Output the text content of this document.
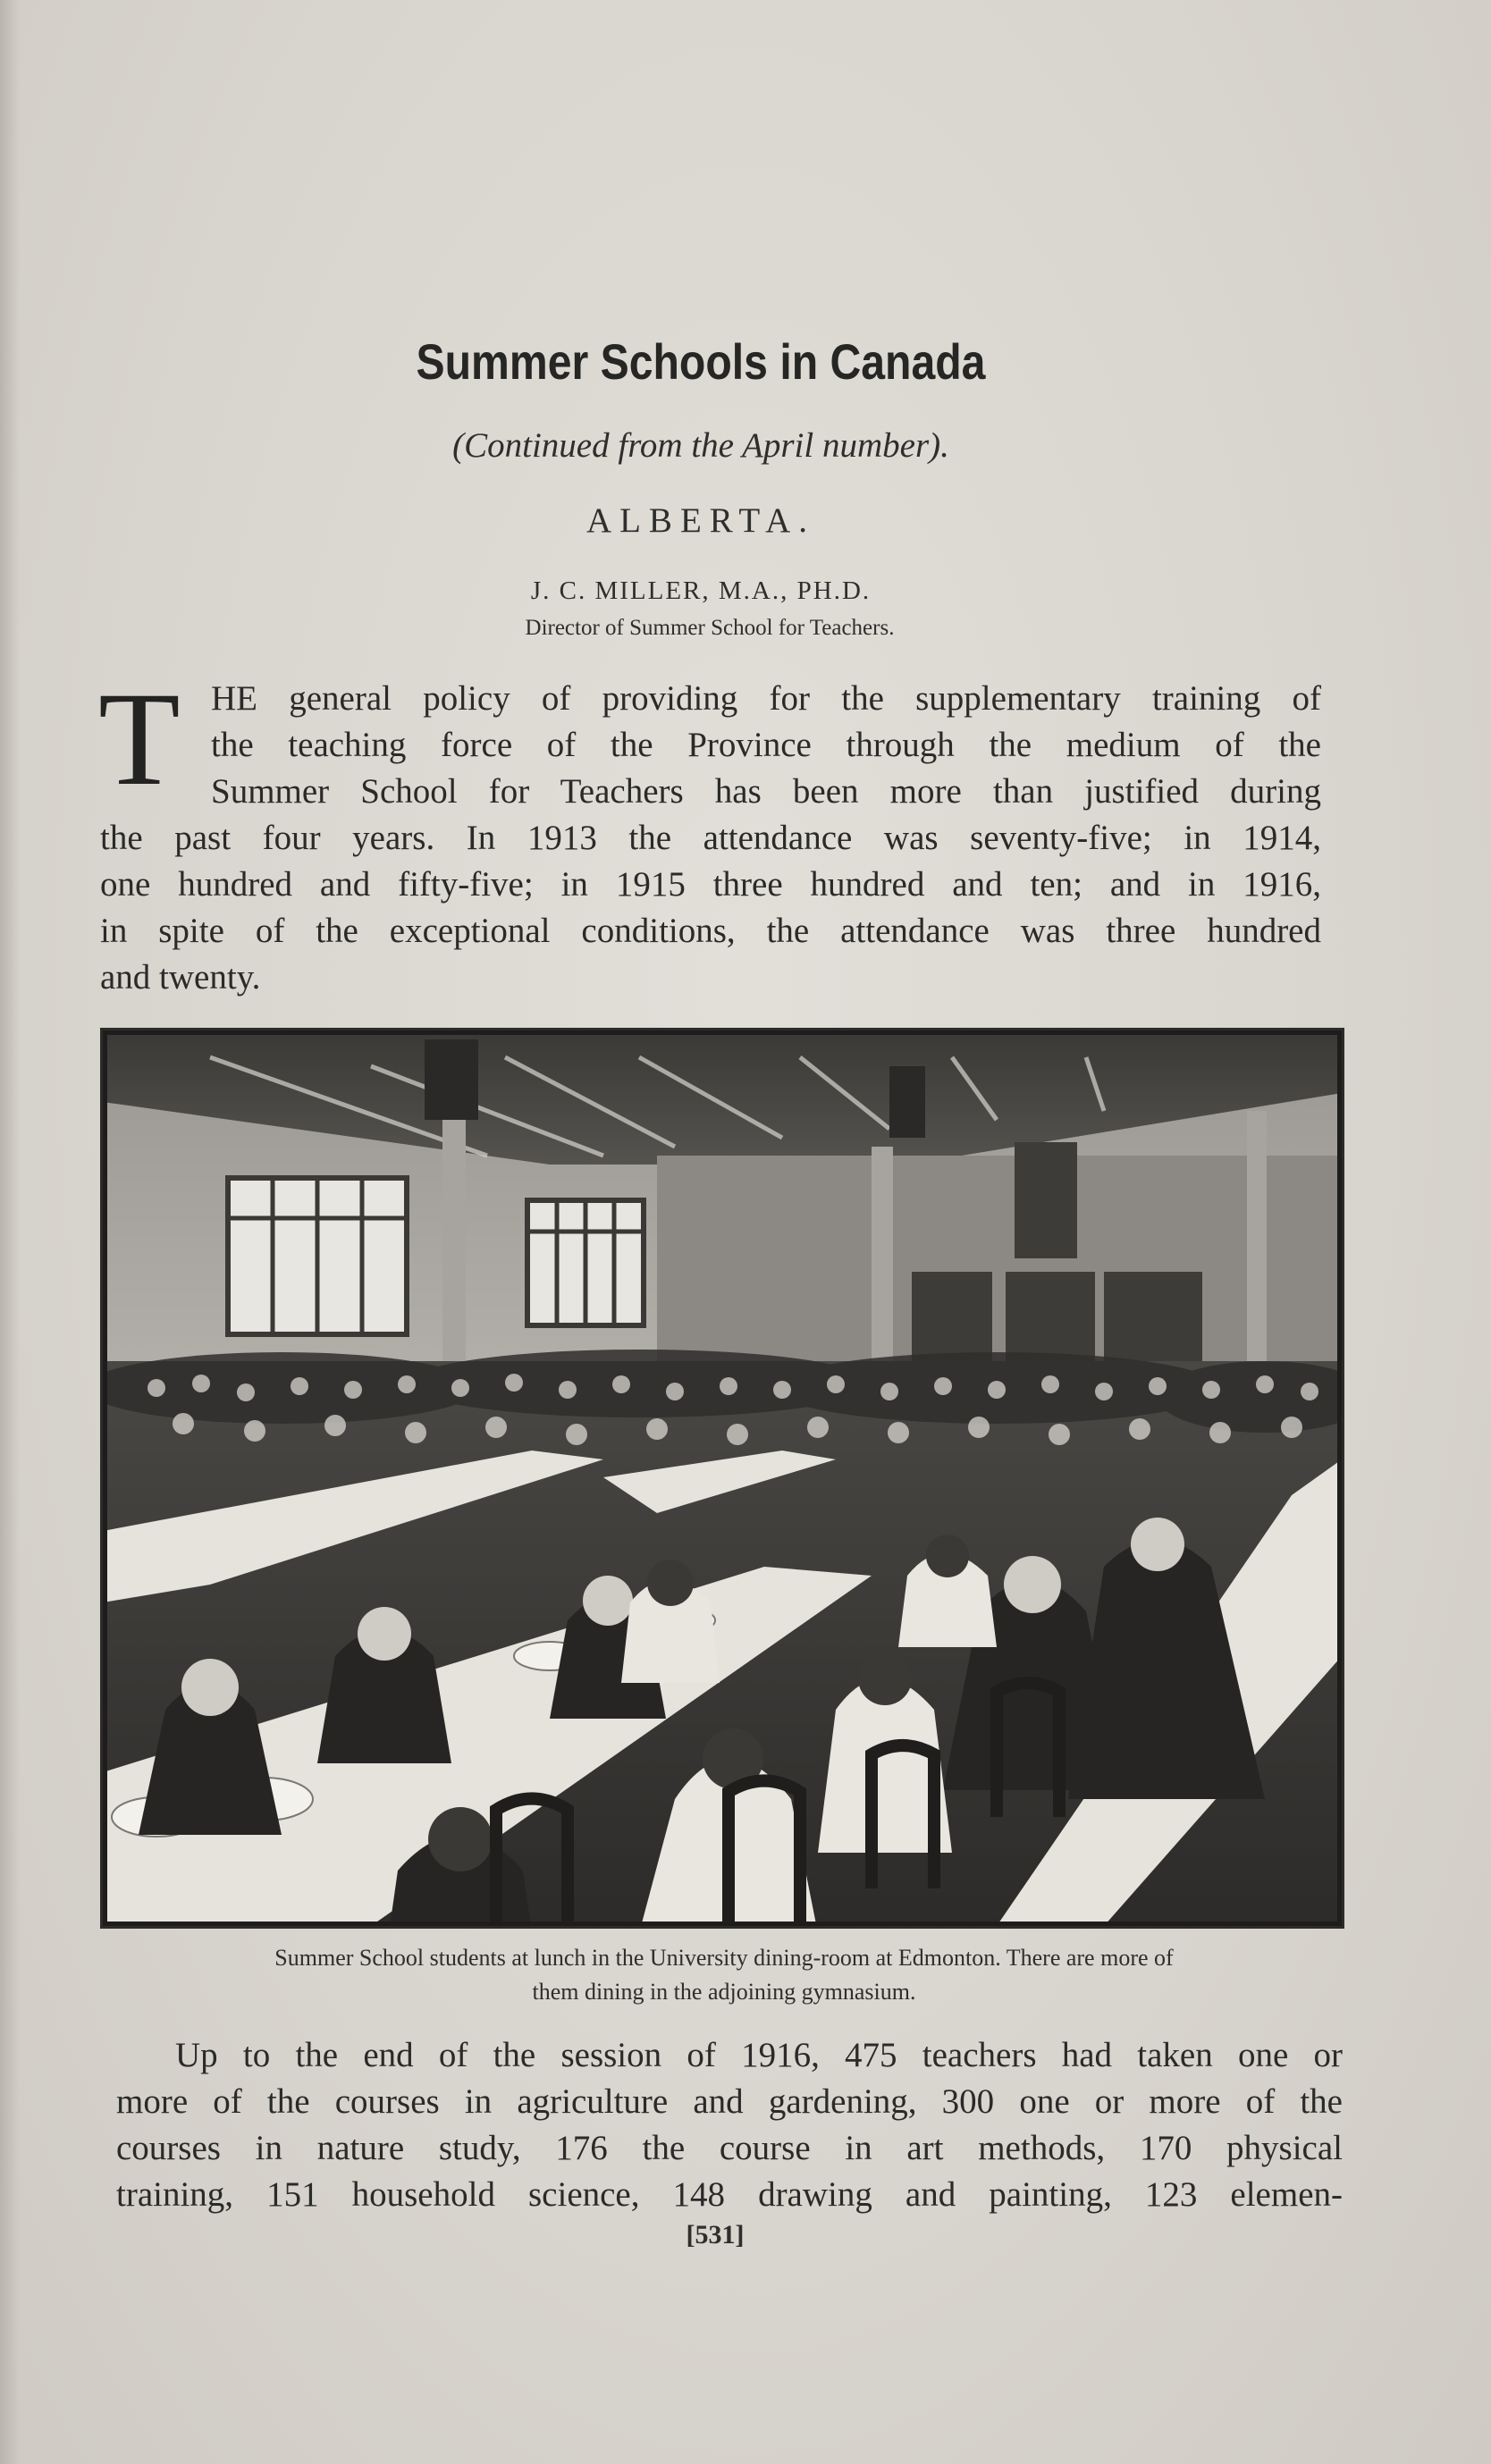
Summer Schools in Canada
(Continued from the April number).
ALBERTA.
J. C. MILLER, M.A., PH.D.
Director of Summer School for Teachers.
T HE general policy of providing for the supplementary training of
the teaching force of the Province through the medium of the
Summer School for Teachers has been more than justified during
the past four years. In 1913 the attendance was seventy-five; in 1914,
one hundred and fifty-five; in 1915 three hundred and ten; and in 1916,
in spite of the exceptional conditions, the attendance was three hundred
and twenty.
Summer School students at lunch in the University dining-room at Edmonton. There are more of
them dining in the adjoining gymnasium.
Up to the end of the session of 1916, 475 teachers had taken one or
more of the courses in agriculture and gardening, 300 one or more of the
courses in nature study, 176 the course in art methods, 170 physical
training, 151 household science, 148 drawing and painting, 123 elemen-
[531]
